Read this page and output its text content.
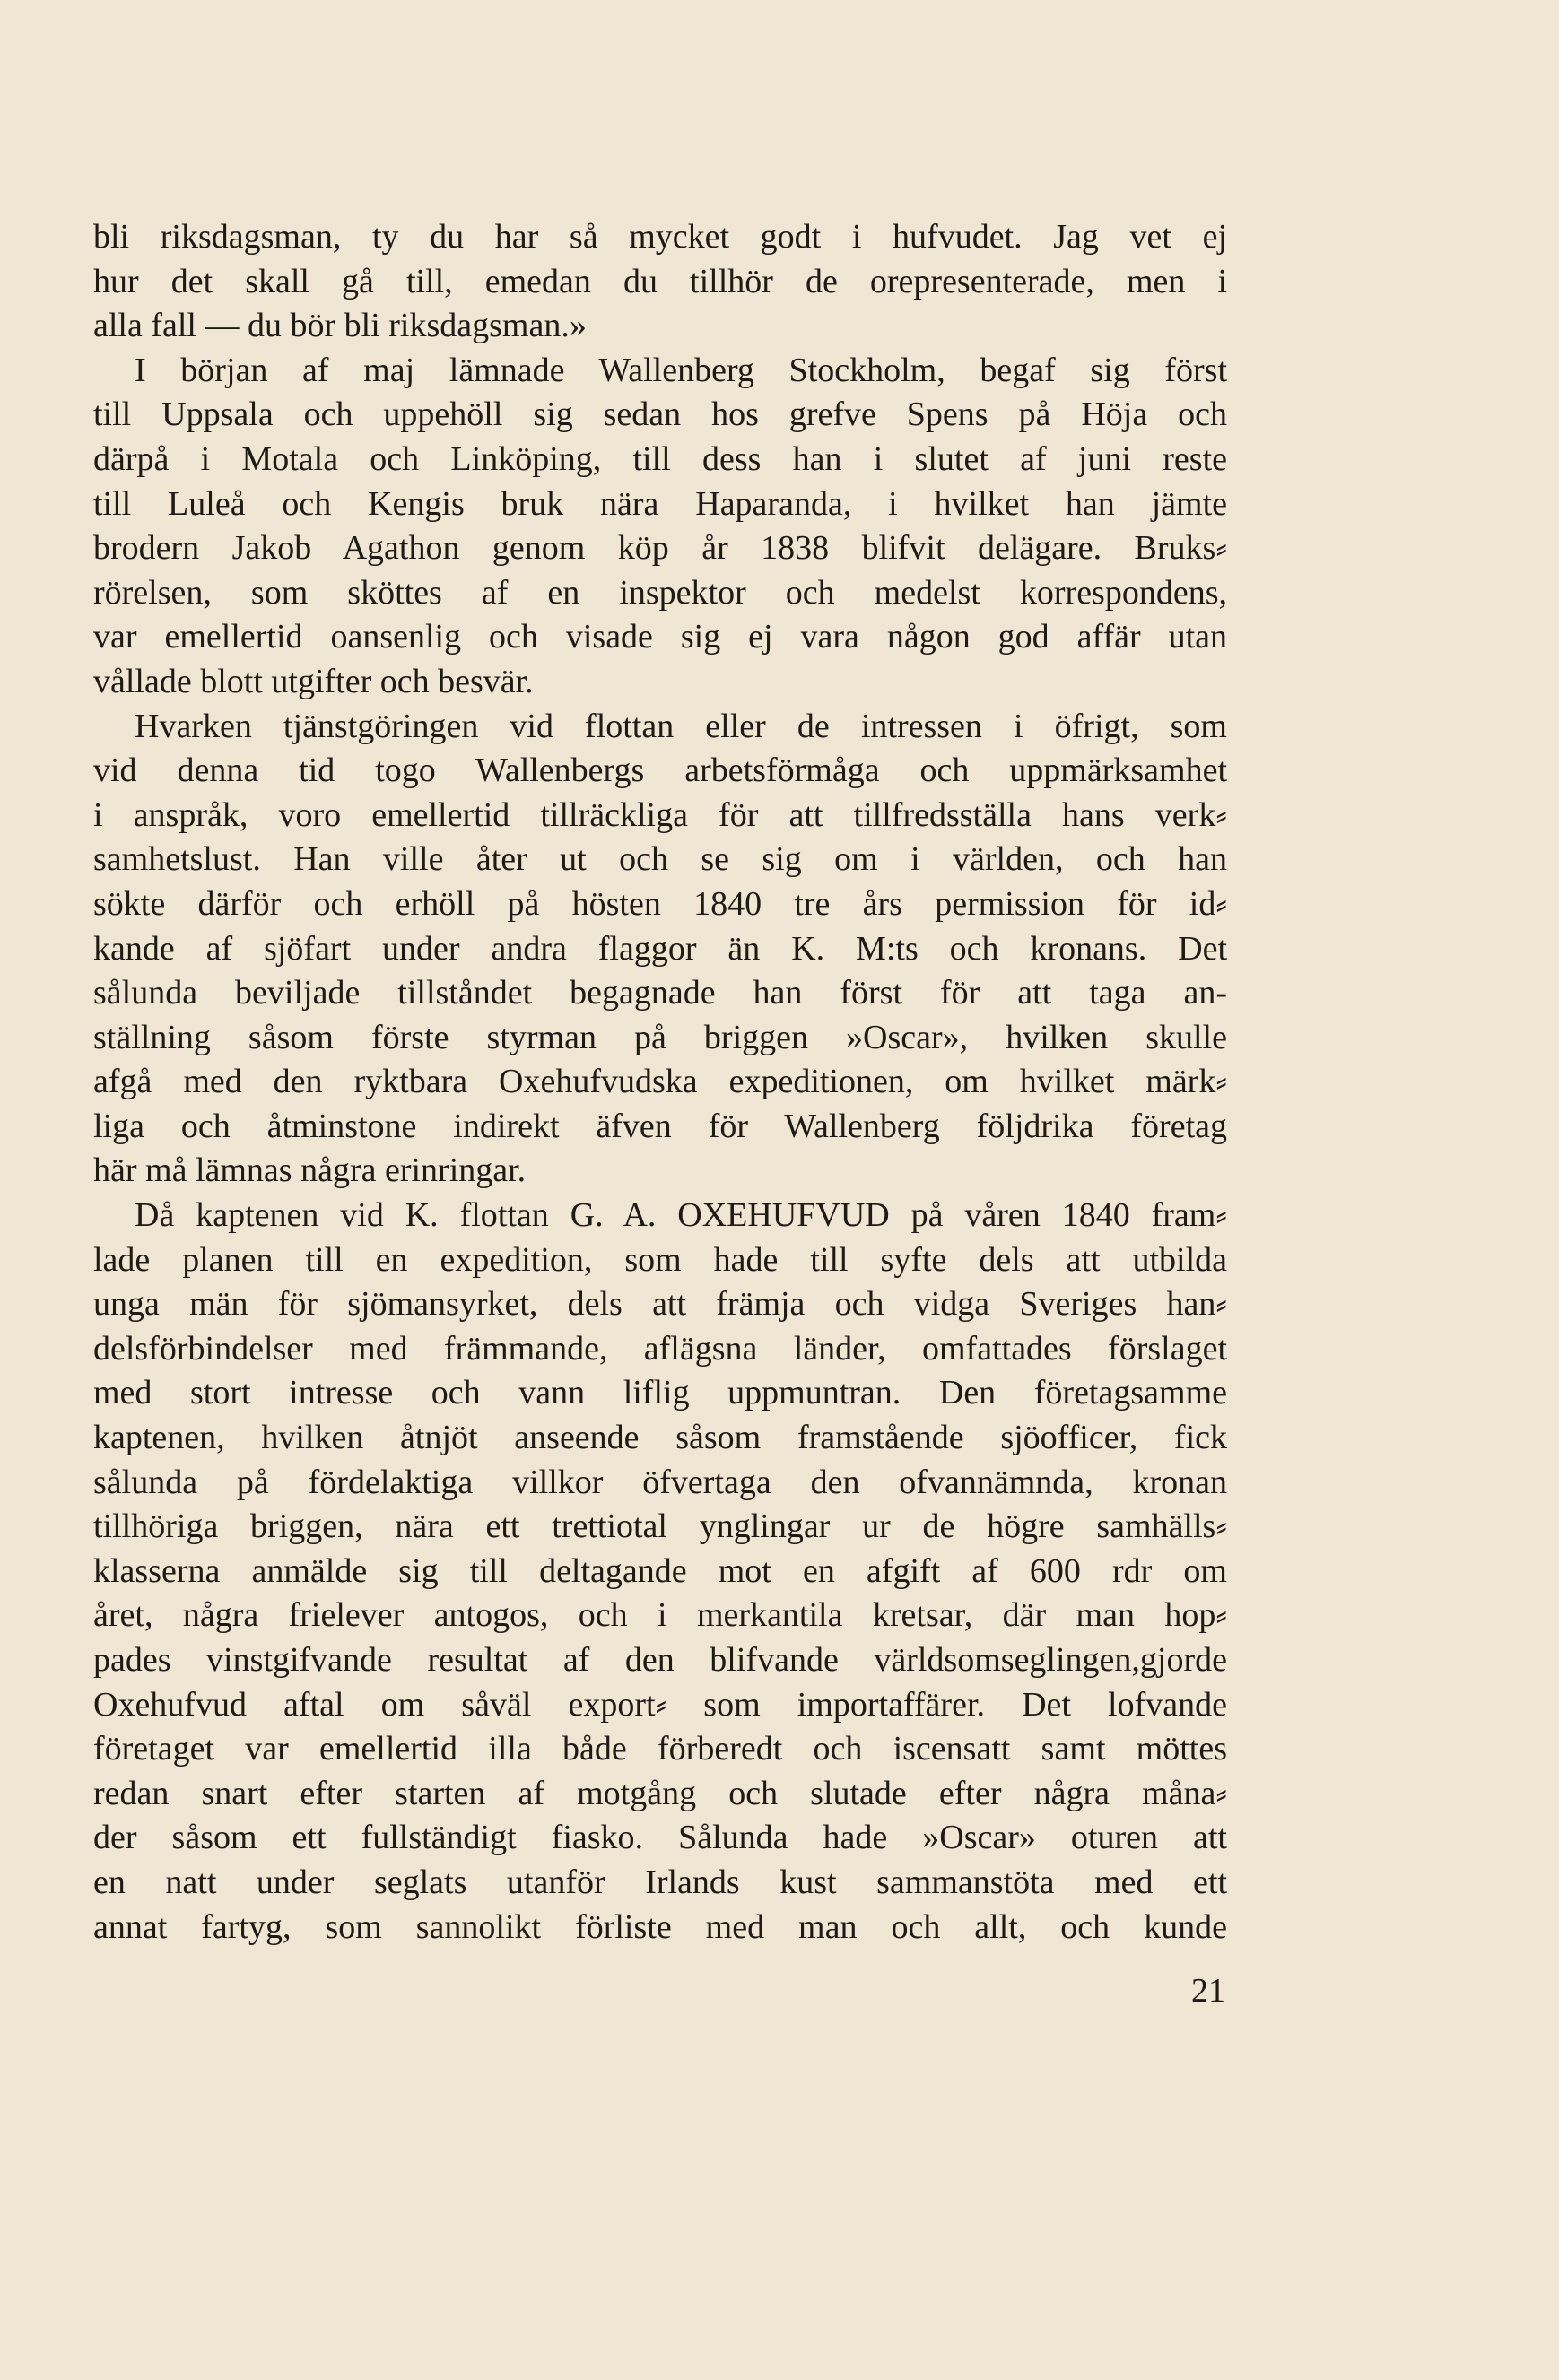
bli riksdagsman, ty du har så mycket godt i hufvudet. Jag vet ej
hur det skall gå till, emedan du tillhör de orepresenterade, men i
alla fall — du bör bli riksdagsman.»
I början af maj lämnade Wallenberg Stockholm, begaf sig först
till Uppsala och uppehöll sig sedan hos grefve Spens på Höja och
därpå i Motala och Linköping, till dess han i slutet af juni reste
till Luleå och Kengis bruk nära Haparanda, i hvilket han jämte
brodern Jakob Agathon genom köp år 1838 blifvit delägare. Bruks⸗
rörelsen, som sköttes af en inspektor och medelst korrespondens,
var emellertid oansenlig och visade sig ej vara någon god affär utan
vållade blott utgifter och besvär.
Hvarken tjänstgöringen vid flottan eller de intressen i öfrigt, som
vid denna tid togo Wallenbergs arbetsförmåga och uppmärksamhet
i anspråk, voro emellertid tillräckliga för att tillfredsställa hans verk⸗
samhetslust. Han ville åter ut och se sig om i världen, och han
sökte därför och erhöll på hösten 1840 tre års permission för id⸗
kande af sjöfart under andra flaggor än K. M:ts och kronans. Det
sålunda beviljade tillståndet begagnade han först för att taga an-
ställning såsom förste styrman på briggen »Oscar», hvilken skulle
afgå med den ryktbara Oxehufvudska expeditionen, om hvilket märk⸗
liga och åtminstone indirekt äfven för Wallenberg följdrika företag
här må lämnas några erinringar.
Då kaptenen vid K. flottan G. A. OXEHUFVUD på våren 1840 fram⸗
lade planen till en expedition, som hade till syfte dels att utbilda
unga män för sjömansyrket, dels att främja och vidga Sveriges han⸗
delsförbindelser med främmande, aflägsna länder, omfattades förslaget
med stort intresse och vann liflig uppmuntran. Den företagsamme
kaptenen, hvilken åtnjöt anseende såsom framstående sjöofficer, fick
sålunda på fördelaktiga villkor öfvertaga den ofvannämnda, kronan
tillhöriga briggen, nära ett trettiotal ynglingar ur de högre samhälls⸗
klasserna anmälde sig till deltagande mot en afgift af 600 rdr om
året, några frielever antogos, och i merkantila kretsar, där man hop⸗
pades vinstgifvande resultat af den blifvande världsomseglingen,gjorde
Oxehufvud aftal om såväl export⸗ som importaffärer. Det lofvande
företaget var emellertid illa både förberedt och iscensatt samt möttes
redan snart efter starten af motgång och slutade efter några måna⸗
der såsom ett fullständigt fiasko. Sålunda hade »Oscar» oturen att
en natt under seglats utanför Irlands kust sammanstöta med ett
annat fartyg, som sannolikt förliste med man och allt, och kunde
21
